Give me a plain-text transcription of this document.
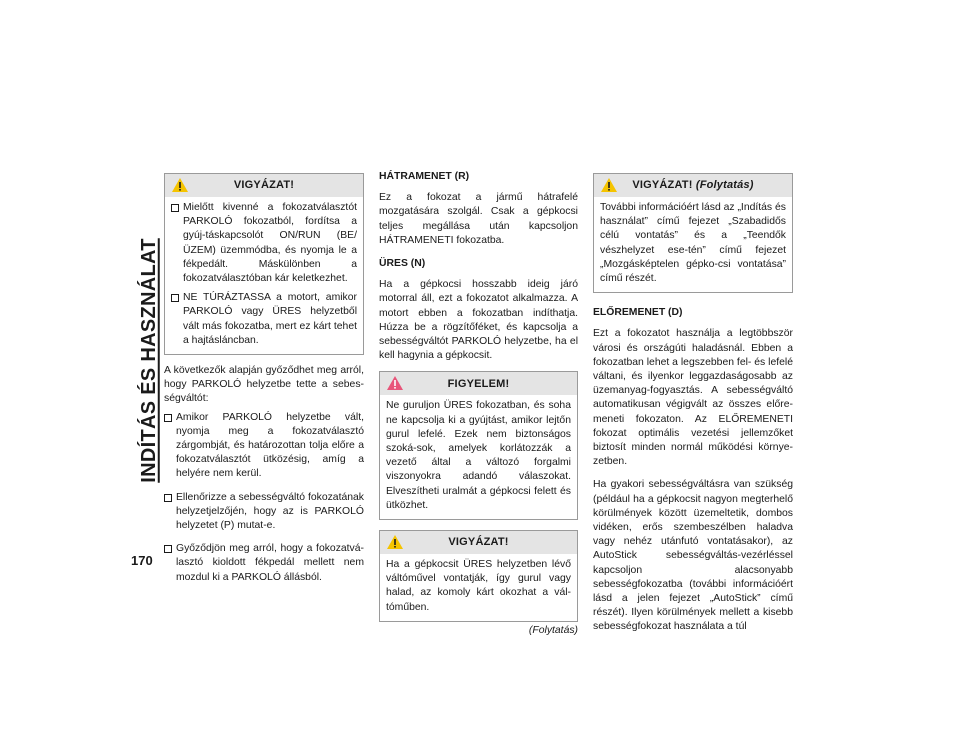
INDÍTÁS ÉS HASZNÁLAT
170
VIGYÁZAT!
Mielőtt kivenné a fokozatválasztót PARKOLÓ fokozatból, fordítsa a gyúj-táskapcsolót ON/RUN (BE/ÜZEM) üzemmódba, és nyomja le a fékpedált. Máskülönben a fokozatválasztóban kár keletkezhet.
NE TÚRÁZTASSA a motort, amikor PARKOLÓ vagy ÜRES helyzetből vált más fokozatba, mert ez kárt tehet a hajtásláncban.

A következők alapján győződhet meg arról, hogy PARKOLÓ helyzetbe tette a sebes-ségváltót:

Amikor PARKOLÓ helyzetbe vált, nyomja meg a fokozatválasztó zárgombját, és határozottan tolja előre a fokozatválasztót ütközésig, amíg a helyére nem kerül.
Ellenőrizze a sebességváltó fokozatának helyzetjelzőjén, hogy az is PARKOLÓ helyzetet (P) mutat-e.
Győződjön meg arról, hogy a fokozatvá-lasztó kioldott fékpedál mellett nem mozdul ki a PARKOLÓ állásból.
HÁTRAMENET (R)

Ez a fokozat a jármű hátrafelé mozgatására szolgál. Csak a gépkocsi teljes megállása után kapcsoljon HÁTRAMENETI fokozatba.

ÜRES (N)

Ha a gépkocsi hosszabb ideig járó motorral áll, ezt a fokozatot alkalmazza. A motort ebben a fokozatban indíthatja. Húzza be a rögzítőféket, és kapcsolja a sebességváltót PARKOLÓ helyzetbe, ha el kell hagynia a gépkocsit.

FIGYELEM!

Ne guruljon ÜRES fokozatban, és soha ne kapcsolja ki a gyújtást, amikor lejtőn gurul lefelé. Ezek nem biztonságos szoká-sok, amelyek korlátozzák a vezető által a változó forgalmi viszonyokra adandó válaszokat. Elveszítheti uralmát a gépkocsi felett és ütközhet.

VIGYÁZAT!

Ha a gépkocsit ÜRES helyzetben lévő váltóművel vontatják, így gurul vagy halad, az komoly kárt okozhat a vál-tóműben.

(Folytatás)
VIGYÁZAT! (Folytatás)

További információért lásd az „Indítás és használat” című fejezet „Szabadidős célú vontatás” és a „Teendők vészhelyzet ese-tén” című fejezet „Mozgásképtelen gépko-csi vontatása” című részét.

ELŐREMENET (D)

Ezt a fokozatot használja a legtöbbször városi és országúti haladásnál. Ebben a fokozatban lehet a legszebben fel- és lefelé váltani, és ilyenkor leggazdaságosabb az üzemanyag-fogyasztás. A sebességváltó automatikusan végigvált az összes előre-meneti fokozaton. Az ELŐREMENETI fokozat optimális vezetési jellemzőket biztosít minden normál működési környe-zetben.

Ha gyakori sebességváltásra van szükség (például ha a gépkocsit nagyon megterhelő körülmények között üzemeltetik, dombos vidéken, erős szembeszélben haladva vagy nehéz utánfutó vontatásakor), az AutoStick sebességváltás-vezérléssel kapcsoljon alacsonyabb sebességfokozatba (további információért lásd a jelen fejezet „AutoStick” című részét). Ilyen körülmények mellett a kisebb sebességfokozat használata a túl
